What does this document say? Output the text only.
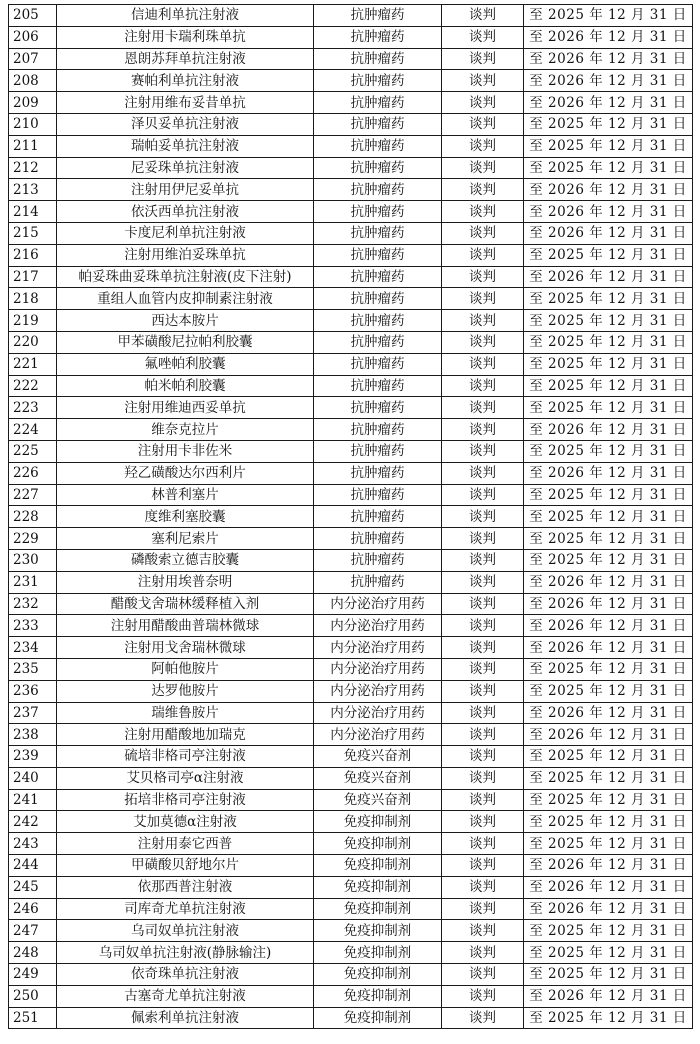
205	信迪利单抗注射液	抗肿瘤药	谈判	至 2025 年 12 月 31 日
206	注射用卡瑞利珠单抗	抗肿瘤药	谈判	至 2026 年 12 月 31 日
207	恩朗苏拜单抗注射液	抗肿瘤药	谈判	至 2026 年 12 月 31 日
208	赛帕利单抗注射液	抗肿瘤药	谈判	至 2026 年 12 月 31 日
209	注射用维布妥昔单抗	抗肿瘤药	谈判	至 2026 年 12 月 31 日
210	泽贝妥单抗注射液	抗肿瘤药	谈判	至 2025 年 12 月 31 日
211	瑞帕妥单抗注射液	抗肿瘤药	谈判	至 2025 年 12 月 31 日
212	尼妥珠单抗注射液	抗肿瘤药	谈判	至 2025 年 12 月 31 日
213	注射用伊尼妥单抗	抗肿瘤药	谈判	至 2026 年 12 月 31 日
214	依沃西单抗注射液	抗肿瘤药	谈判	至 2026 年 12 月 31 日
215	卡度尼利单抗注射液	抗肿瘤药	谈判	至 2026 年 12 月 31 日
216	注射用维泊妥珠单抗	抗肿瘤药	谈判	至 2025 年 12 月 31 日
217	帕妥珠曲妥珠单抗注射液(皮下注射)	抗肿瘤药	谈判	至 2026 年 12 月 31 日
218	重组人血管内皮抑制素注射液	抗肿瘤药	谈判	至 2025 年 12 月 31 日
219	西达本胺片	抗肿瘤药	谈判	至 2025 年 12 月 31 日
220	甲苯磺酸尼拉帕利胶囊	抗肿瘤药	谈判	至 2025 年 12 月 31 日
221	氟唑帕利胶囊	抗肿瘤药	谈判	至 2025 年 12 月 31 日
222	帕米帕利胶囊	抗肿瘤药	谈判	至 2025 年 12 月 31 日
223	注射用维迪西妥单抗	抗肿瘤药	谈判	至 2025 年 12 月 31 日
224	维奈克拉片	抗肿瘤药	谈判	至 2026 年 12 月 31 日
225	注射用卡非佐米	抗肿瘤药	谈判	至 2025 年 12 月 31 日
226	羟乙磺酸达尔西利片	抗肿瘤药	谈判	至 2026 年 12 月 31 日
227	林普利塞片	抗肿瘤药	谈判	至 2025 年 12 月 31 日
228	度维利塞胶囊	抗肿瘤药	谈判	至 2025 年 12 月 31 日
229	塞利尼索片	抗肿瘤药	谈判	至 2025 年 12 月 31 日
230	磷酸索立德吉胶囊	抗肿瘤药	谈判	至 2025 年 12 月 31 日
231	注射用埃普奈明	抗肿瘤药	谈判	至 2026 年 12 月 31 日
232	醋酸戈舍瑞林缓释植入剂	内分泌治疗用药	谈判	至 2026 年 12 月 31 日
233	注射用醋酸曲普瑞林微球	内分泌治疗用药	谈判	至 2026 年 12 月 31 日
234	注射用戈舍瑞林微球	内分泌治疗用药	谈判	至 2026 年 12 月 31 日
235	阿帕他胺片	内分泌治疗用药	谈判	至 2025 年 12 月 31 日
236	达罗他胺片	内分泌治疗用药	谈判	至 2025 年 12 月 31 日
237	瑞维鲁胺片	内分泌治疗用药	谈判	至 2026 年 12 月 31 日
238	注射用醋酸地加瑞克	内分泌治疗用药	谈判	至 2026 年 12 月 31 日
239	硫培非格司亭注射液	免疫兴奋剂	谈判	至 2025 年 12 月 31 日
240	艾贝格司亭α注射液	免疫兴奋剂	谈判	至 2025 年 12 月 31 日
241	拓培非格司亭注射液	免疫兴奋剂	谈判	至 2025 年 12 月 31 日
242	艾加莫德α注射液	免疫抑制剂	谈判	至 2025 年 12 月 31 日
243	注射用泰它西普	免疫抑制剂	谈判	至 2025 年 12 月 31 日
244	甲磺酸贝舒地尔片	免疫抑制剂	谈判	至 2026 年 12 月 31 日
245	依那西普注射液	免疫抑制剂	谈判	至 2026 年 12 月 31 日
246	司库奇尤单抗注射液	免疫抑制剂	谈判	至 2026 年 12 月 31 日
247	乌司奴单抗注射液	免疫抑制剂	谈判	至 2025 年 12 月 31 日
248	乌司奴单抗注射液(静脉输注)	免疫抑制剂	谈判	至 2025 年 12 月 31 日
249	依奇珠单抗注射液	免疫抑制剂	谈判	至 2025 年 12 月 31 日
250	古塞奇尤单抗注射液	免疫抑制剂	谈判	至 2026 年 12 月 31 日
251	佩索利单抗注射液	免疫抑制剂	谈判	至 2025 年 12 月 31 日
